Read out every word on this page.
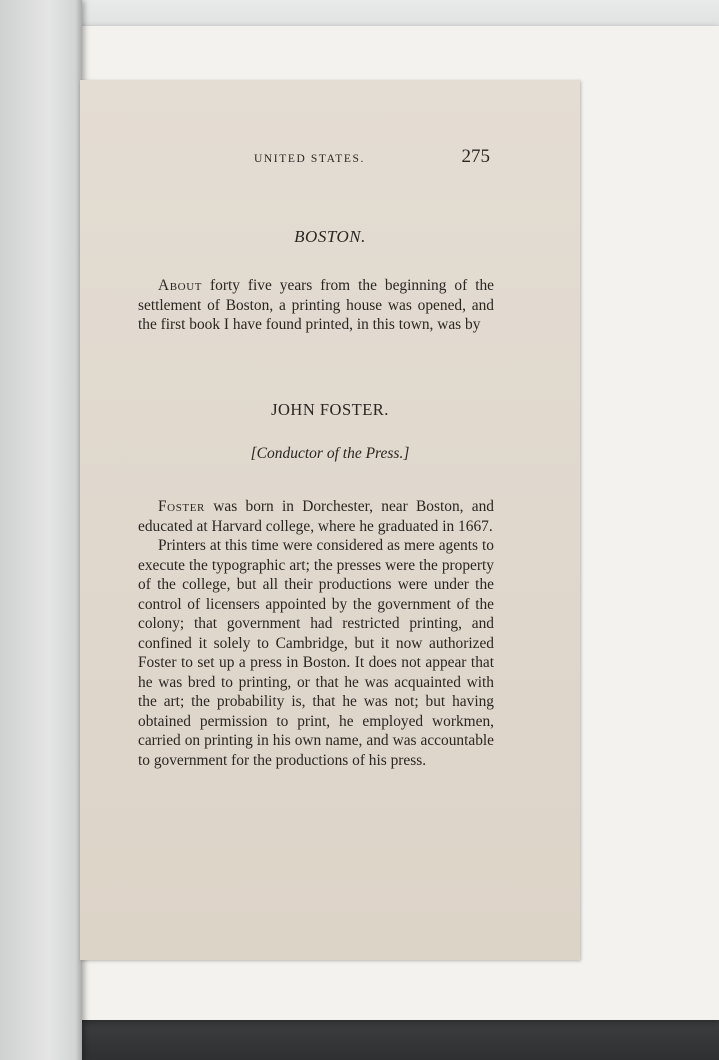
UNITED STATES.	275
BOSTON.

About forty five years from the beginning of the settlement of Boston, a printing house was opened, and the first book I have found printed, in this town, was by

JOHN FOSTER.
[Conductor of the Press.]

Foster was born in Dorchester, near Boston, and educated at Harvard college, where he graduated in 1667.

Printers at this time were considered as mere agents to execute the typographic art; the presses were the property of the college, but all their productions were under the control of licensers appointed by the government of the colony; that government had restricted printing, and confined it solely to Cambridge, but it now authorized Foster to set up a press in Boston. It does not appear that he was bred to printing, or that he was acquainted with the art; the probability is, that he was not; but having obtained permission to print, he employed workmen, carried on printing in his own name, and was accountable to government for the productions of his press.
